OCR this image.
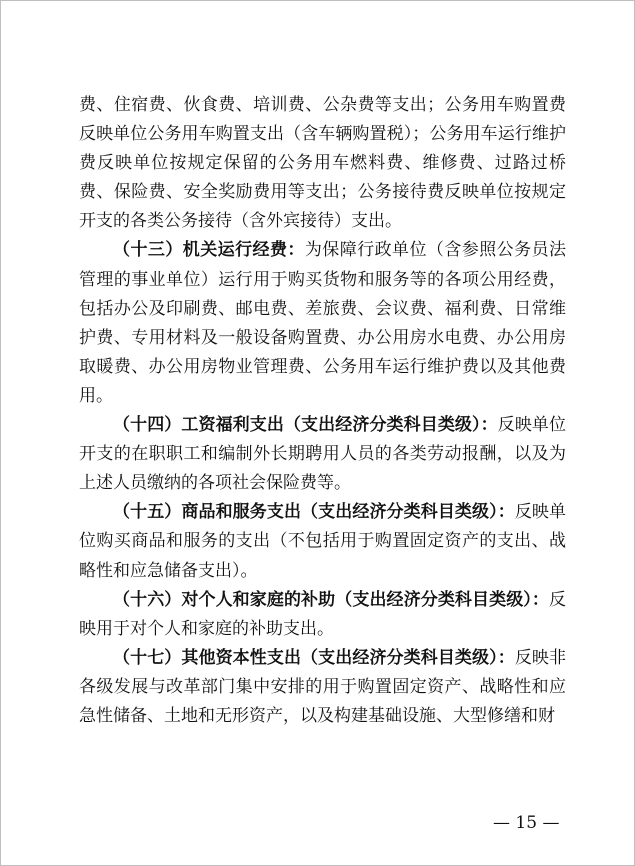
费、住宿费、伙食费、培训费、公杂费等支出；公务用车购置费反映单位公务用车购置支出（含车辆购置税）；公务用车运行维护费反映单位按规定保留的公务用车燃料费、维修费、过路过桥费、保险费、安全奖励费用等支出；公务接待费反映单位按规定开支的各类公务接待（含外宾接待）支出。

（十三）机关运行经费：为保障行政单位（含参照公务员法管理的事业单位）运行用于购买货物和服务等的各项公用经费，包括办公及印刷费、邮电费、差旅费、会议费、福利费、日常维护费、专用材料及一般设备购置费、办公用房水电费、办公用房取暖费、办公用房物业管理费、公务用车运行维护费以及其他费用。

（十四）工资福利支出（支出经济分类科目类级）：反映单位开支的在职职工和编制外长期聘用人员的各类劳动报酬，以及为上述人员缴纳的各项社会保险费等。

（十五）商品和服务支出（支出经济分类科目类级）：反映单位购买商品和服务的支出（不包括用于购置固定资产的支出、战略性和应急储备支出）。

（十六）对个人和家庭的补助（支出经济分类科目类级）：反映用于对个人和家庭的补助支出。

（十七）其他资本性支出（支出经济分类科目类级）：反映非各级发展与改革部门集中安排的用于购置固定资产、战略性和应急性储备、土地和无形资产，以及构建基础设施、大型修缮和财

— 15 —
